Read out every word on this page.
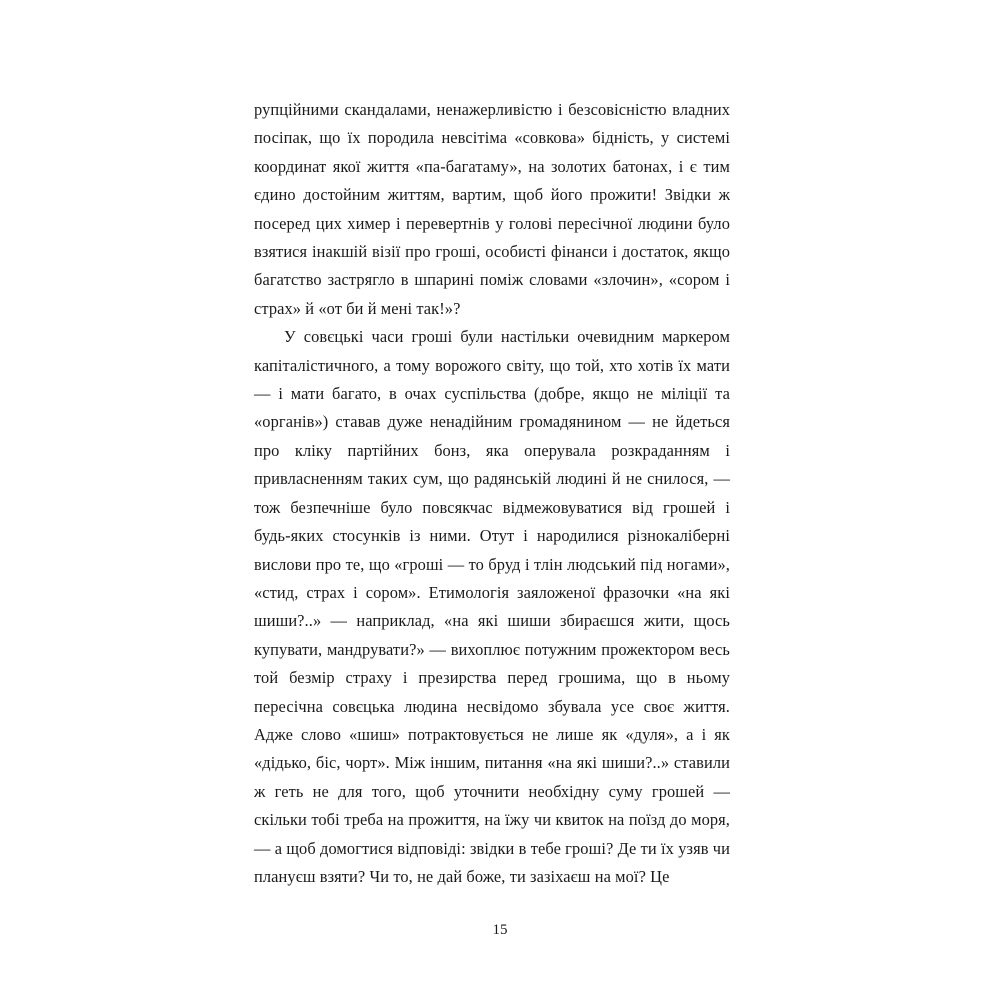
рупційними скандалами, ненажерливістю і безсовісністю владних посіпак, що їх породила невсітіма «совкова» бідність, у системі координат якої життя «па-багатаму», на золотих батонах, і є тим єдино достойним життям, вартим, щоб його прожити! Звідки ж посеред цих химер і перевертнів у голові пересічної людини було взятися інакшій візії про гроші, особисті фінанси і достаток, якщо багатство застрягло в шпарині поміж словами «злочин», «сором і страх» й «от би й мені так!»?

У совєцькі часи гроші були настільки очевидним маркером капіталістичного, а тому ворожого світу, що той, хто хотів їх мати — і мати багато, в очах суспільства (добре, якщо не міліції та «органів») ставав дуже ненадійним громадянином — не йдеться про кліку партійних бонз, яка оперувала розкраданням і привласненням таких сум, що радянській людині й не снилося, — тож безпечніше було повсякчас відмежовуватися від грошей і будь-яких стосунків із ними. Отут і народилися різнокаліберні вислови про те, що «гроші — то бруд і тлін людський під ногами», «стид, страх і сором». Етимологія заяложеної фразочки «на які шиши?..» — наприклад, «на які шиши збираєшся жити, щось купувати, мандрувати?» — вихоплює потужним прожектором весь той безмір страху і презирства перед грошима, що в ньому пересічна совєцька людина несвідомо збувала усе своє життя. Адже слово «шиш» потрактовується не лише як «дуля», а і як «дідько, біс, чорт». Між іншим, питання «на які шиши?..» ставили ж геть не для того, щоб уточнити необхідну суму грошей — скільки тобі треба на прожиття, на їжу чи квиток на поїзд до моря, — а щоб домогтися відповіді: звідки в тебе гроші? Де ти їх узяв чи плануєш взяти? Чи то, не дай боже, ти зазіхаєш на мої? Це

15
